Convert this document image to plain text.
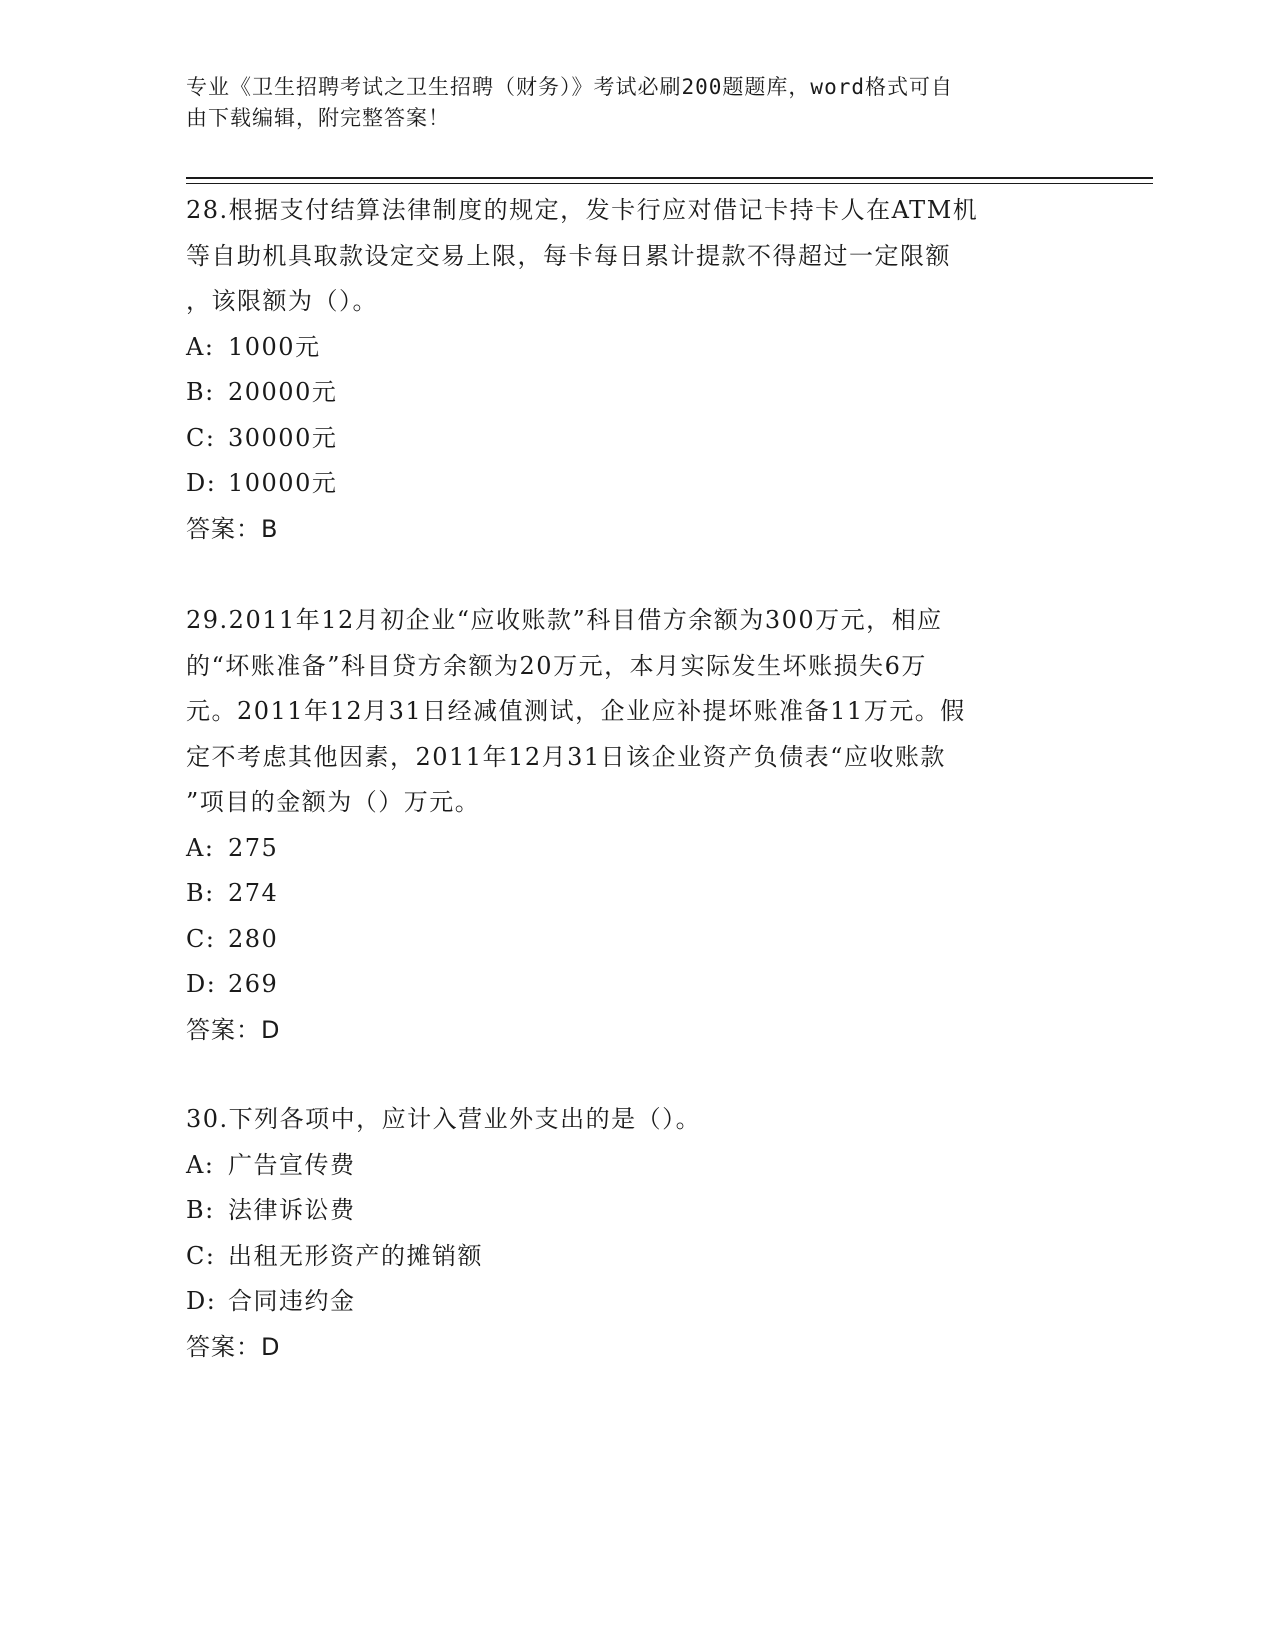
专业《卫生招聘考试之卫生招聘（财务）》考试必刷200题题库，word格式可自
由下载编辑，附完整答案！
28.根据支付结算法律制度的规定，发卡行应对借记卡持卡人在ATM机
等自助机具取款设定交易上限，每卡每日累计提款不得超过一定限额
，该限额为（）。
A: 1000元
B: 20000元
C: 30000元
D: 10000元
答案：B
29.2011年12月初企业“应收账款”科目借方余额为300万元，相应
的“坏账准备”科目贷方余额为20万元，本月实际发生坏账损失6万
元。2011年12月31日经减值测试，企业应补提坏账准备11万元。假
定不考虑其他因素，2011年12月31日该企业资产负债表“应收账款
”项目的金额为（）万元。
A: 275
B: 274
C: 280
D: 269
答案：D
30.下列各项中，应计入营业外支出的是（）。
A: 广告宣传费
B: 法律诉讼费
C: 出租无形资产的摊销额
D: 合同违约金
答案：D
